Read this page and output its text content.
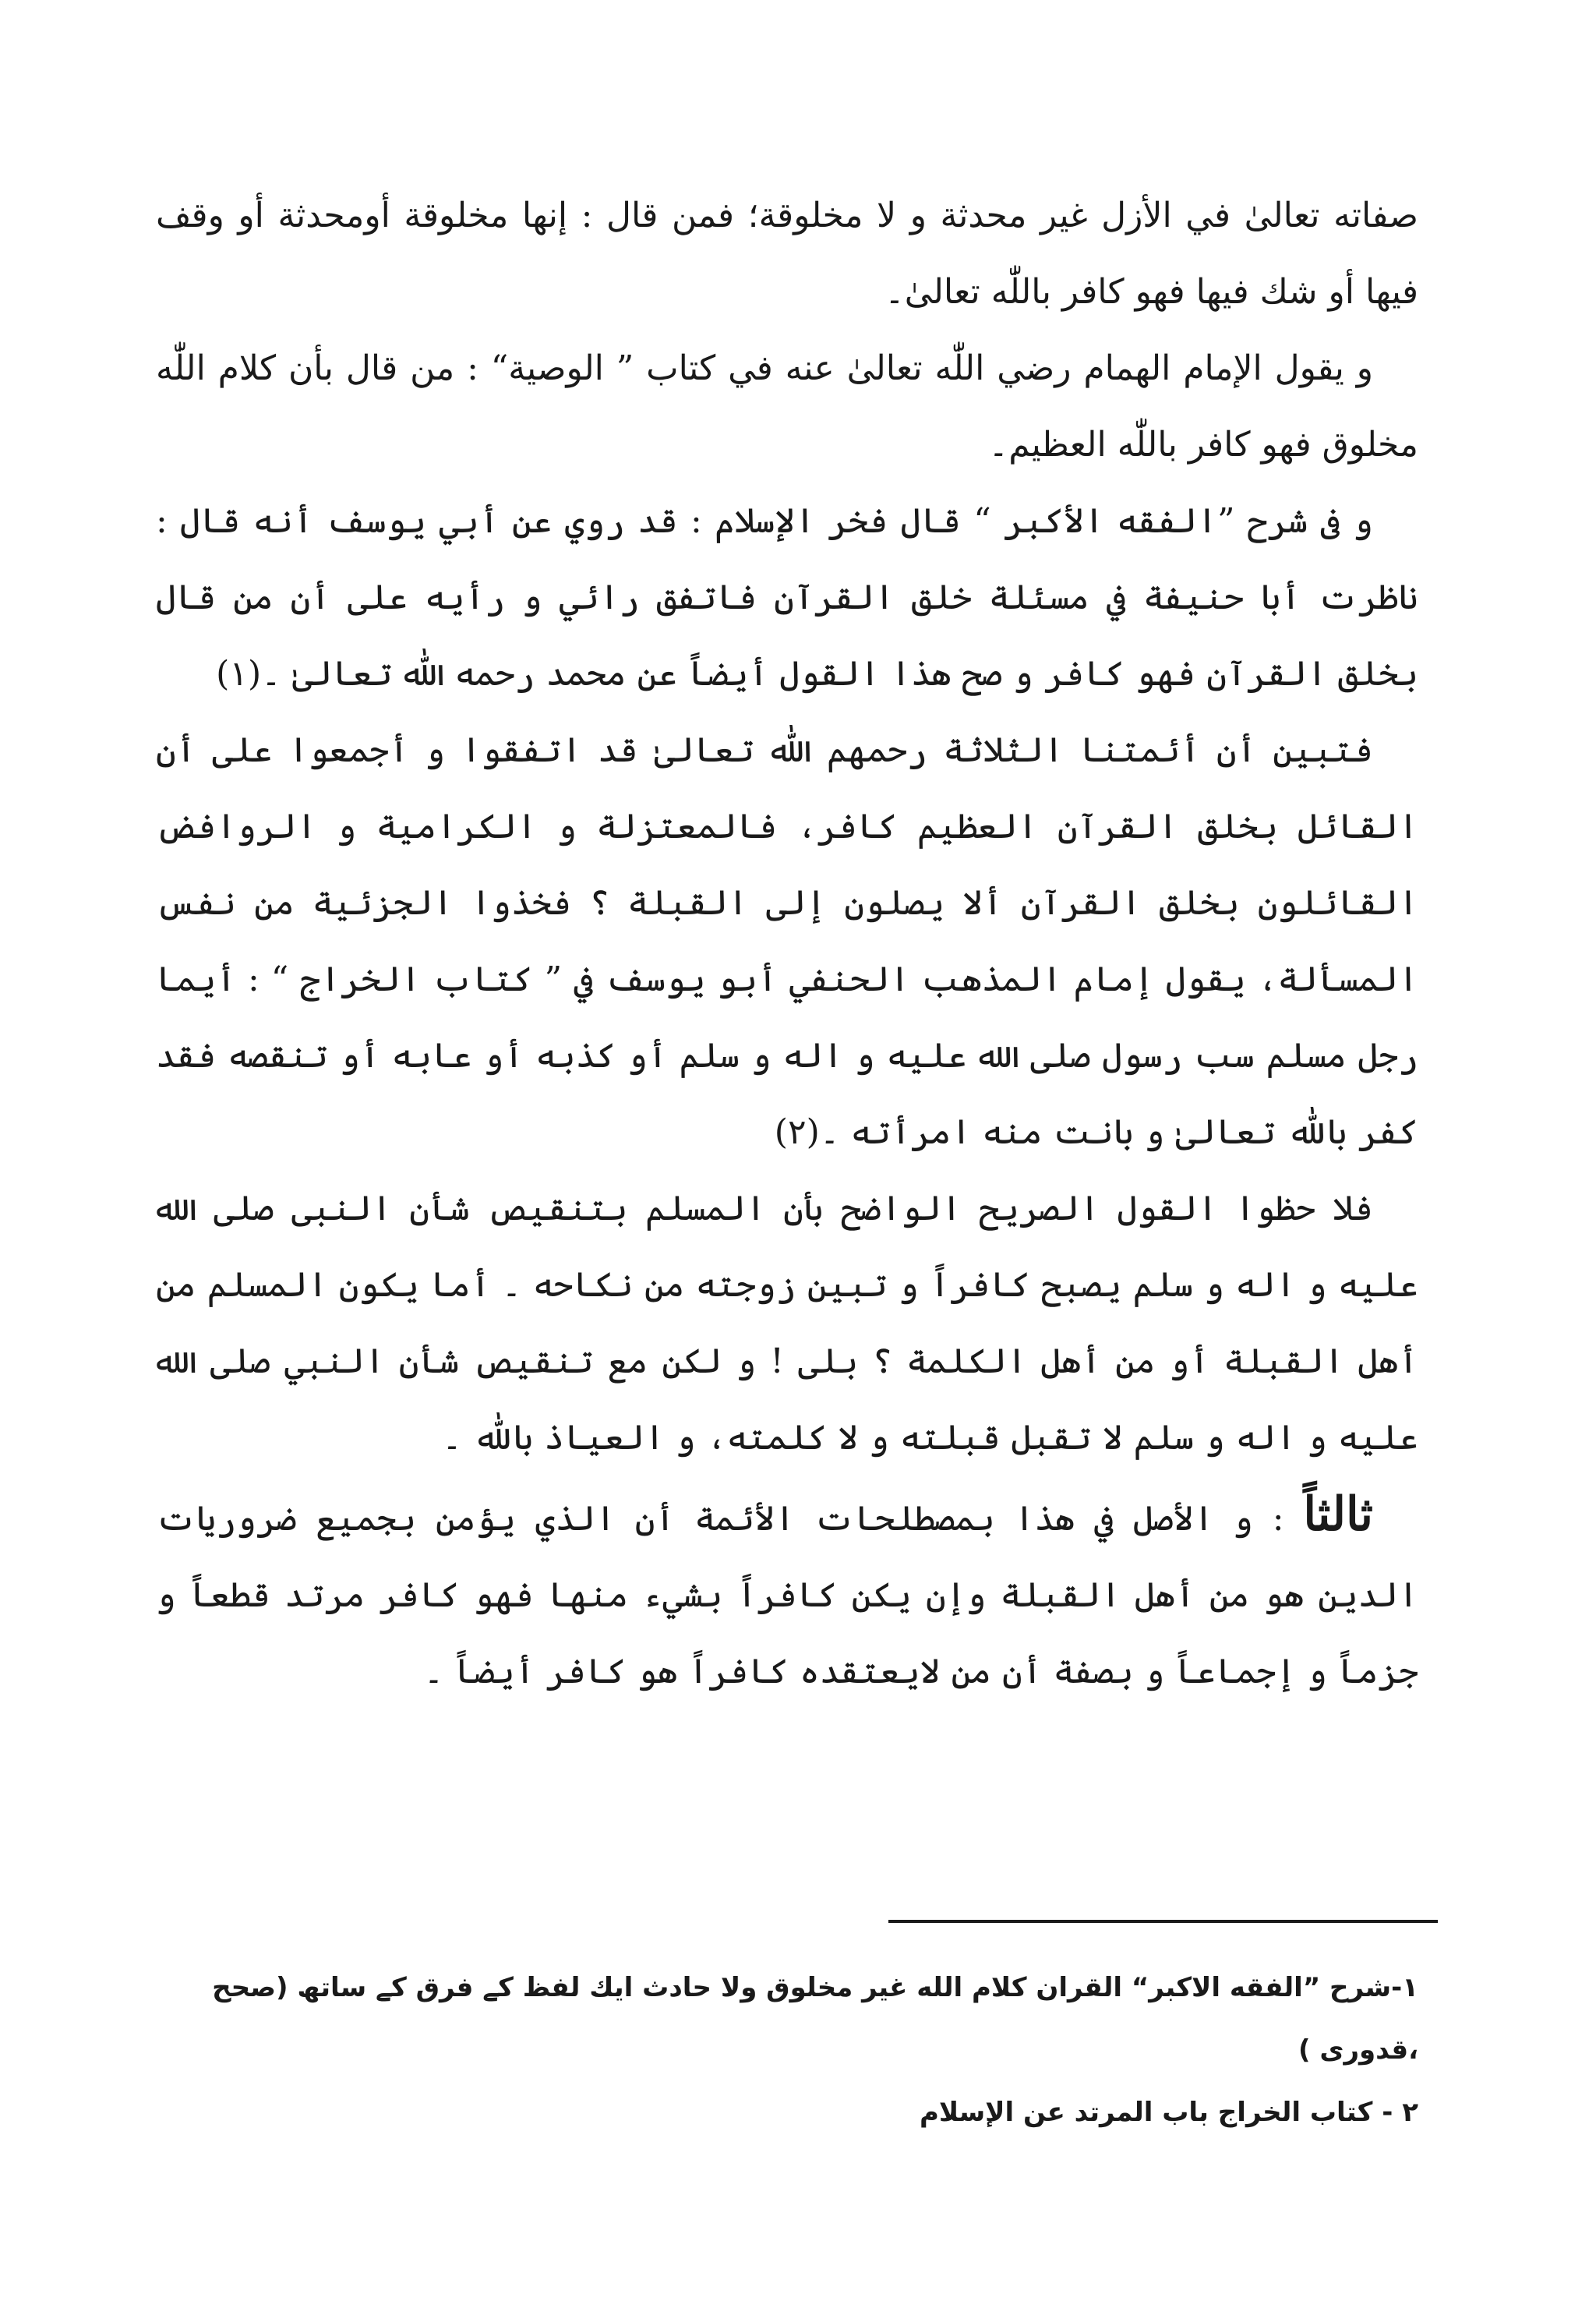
صفاته تعالىٰ في الأزل غير محدثة و لا مخلوقة؛ فمن قال : إنها مخلوقة أومحدثة أو وقف فيها أو شك فيها فهو كافر باللّٰه تعالىٰ۔

و يقول الإمام الهمام رضي اللّٰه تعالىٰ عنه في كتاب ” الوصية“ : من قال بأن كلام اللّٰه مخلوق فهو كافر باللّٰه العظيم۔

و فی شرح ”الفقه الأكبر “ قال فخر الإسلام : قد روي عن أبي يوسف أنه قال : ناظرت أبا حنيفة في مسئلة خلق القرآن فاتفق رائي و رأيه على أن من قال بخلق القرآن فهو كافر و صح هذا القول أيضاً عن محمد رحمه اللّٰه تعالىٰ ۔(١)

فتبين أن أئمتنا الثلاثة رحمهم اللّٰه تعالىٰ قد اتفقوا و أجمعوا على أن القائل بخلق القرآن العظيم كافر، فالمعتزلة و الكرامية و الروافض القائلون بخلق القرآن ألا يصلون إلى القبلة ؟ فخذوا الجزئية من نفس المسألة، يقول إمام المذهب الحنفي أبو يوسف في ” كتاب الخراج “ : أيما رجل مسلم سب رسول صلى الله عليه و اله و سلم أو كذبه أو عابه أو تنقصه فقد كفر باللّٰه تعالىٰ و بانت منه امرأته ۔(٢)

فلا حظوا القول الصريح الواضح بأن المسلم بتنقيص شأن النبى صلى الله عليه و اله و سلم يصبح كافراً و تبين زوجته من نكاحه ۔ أما يكون المسلم من أهل القبلة أو من أهل الكلمة ؟ بلى ! و لكن مع تنقيص شأن النبي صلى الله عليه و اله و سلم لا تقبل قبلته و لا كلمته، و العياذ باللّٰه ۔

ثالثاً : و الأصل في هذا بمصطلحات الأئمة أن الذي يؤمن بجميع ضروريات الدين هو من أهل القبلة وإن يكن كافراً بشيء منها فهو كافر مرتد قطعاً و جزماً و إجماعاً و بصفة أن من لايعتقده كافراً هو كافر أيضاً ۔

١-شرح ”الفقه الاكبر“ القران كلام الله غير مخلوق ولا حادث ایك لفظ كے فرق كے ساتھ (صحح ،قدوری )

٢ - كتاب الخراج باب المرتد عن الإسلام
